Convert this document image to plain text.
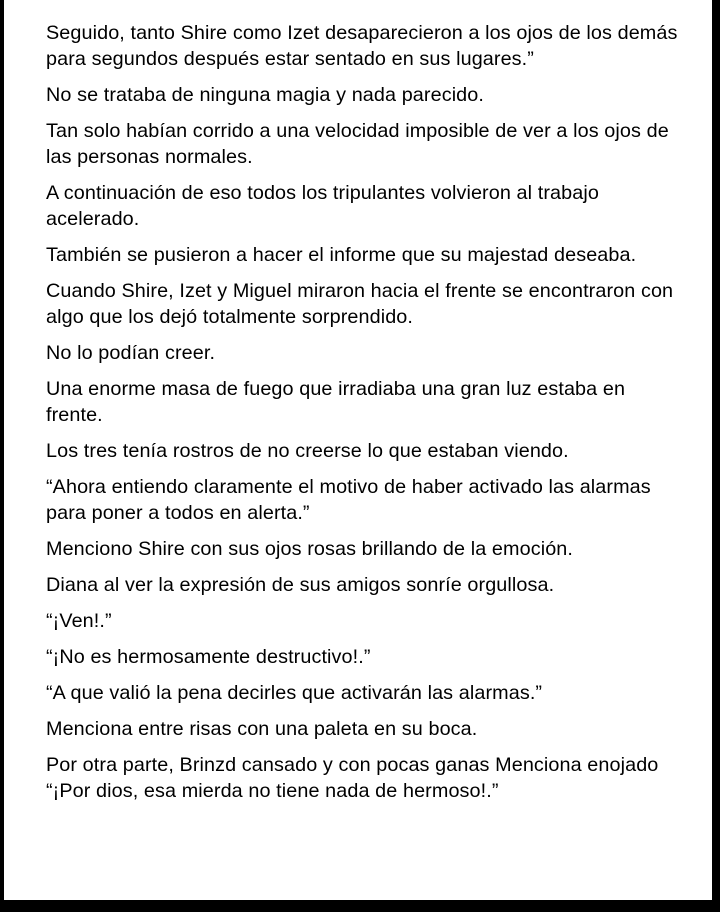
Seguido, tanto Shire como Izet desaparecieron a los ojos de los demás para segundos después estar sentado en sus lugares.”

No se trataba de ninguna magia y nada parecido.

Tan solo habían corrido a una velocidad imposible de ver a los ojos de las personas normales.

A continuación de eso todos los tripulantes volvieron al trabajo acelerado.

También se pusieron a hacer el informe que su majestad deseaba.

Cuando Shire, Izet y Miguel miraron hacia el frente se encontraron con algo que los dejó totalmente sorprendido.

No lo podían creer.

Una enorme masa de fuego que irradiaba una gran luz estaba en frente.

Los tres tenía rostros de no creerse lo que estaban viendo.

“Ahora entiendo claramente el motivo de haber activado las alarmas para poner a todos en alerta.”

Menciono Shire con sus ojos rosas brillando de la emoción.

Diana al ver la expresión de sus amigos sonríe orgullosa.

“¡Ven!.”

“¡No es hermosamente destructivo!.”

“A que valió la pena decirles que activarán las alarmas.”

Menciona entre risas con una paleta en su boca.

Por otra parte, Brinzd cansado y con pocas ganas Menciona enojado “¡Por dios, esa mierda no tiene nada de hermoso!.”
